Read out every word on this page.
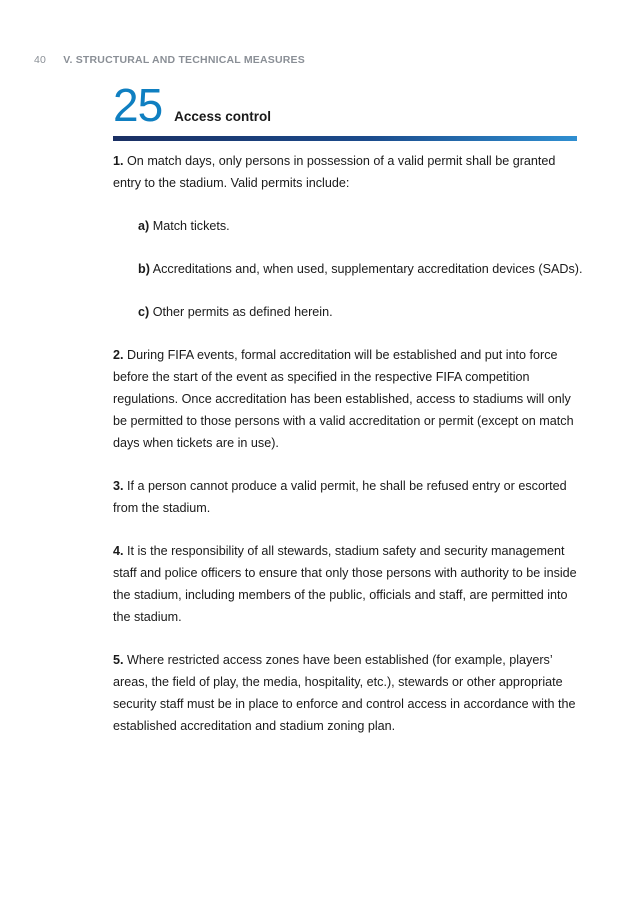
40 V. STRUCTURAL AND TECHNICAL MEASURES
25 Access control

1. On match days, only persons in possession of a valid permit shall be granted entry to the stadium. Valid permits include:

a) Match tickets.

b) Accreditations and, when used, supplementary accreditation devices (SADs).

c) Other permits as defined herein.

2. During FIFA events, formal accreditation will be established and put into force before the start of the event as specified in the respective FIFA competition regulations. Once accreditation has been established, access to stadiums will only be permitted to those persons with a valid accreditation or permit (except on match days when tickets are in use).

3. If a person cannot produce a valid permit, he shall be refused entry or escorted from the stadium.

4. It is the responsibility of all stewards, stadium safety and security management staff and police officers to ensure that only those persons with authority to be inside the stadium, including members of the public, officials and staff, are permitted into the stadium.

5. Where restricted access zones have been established (for example, players’ areas, the field of play, the media, hospitality, etc.), stewards or other appropriate security staff must be in place to enforce and control access in accordance with the established accreditation and stadium zoning plan.
